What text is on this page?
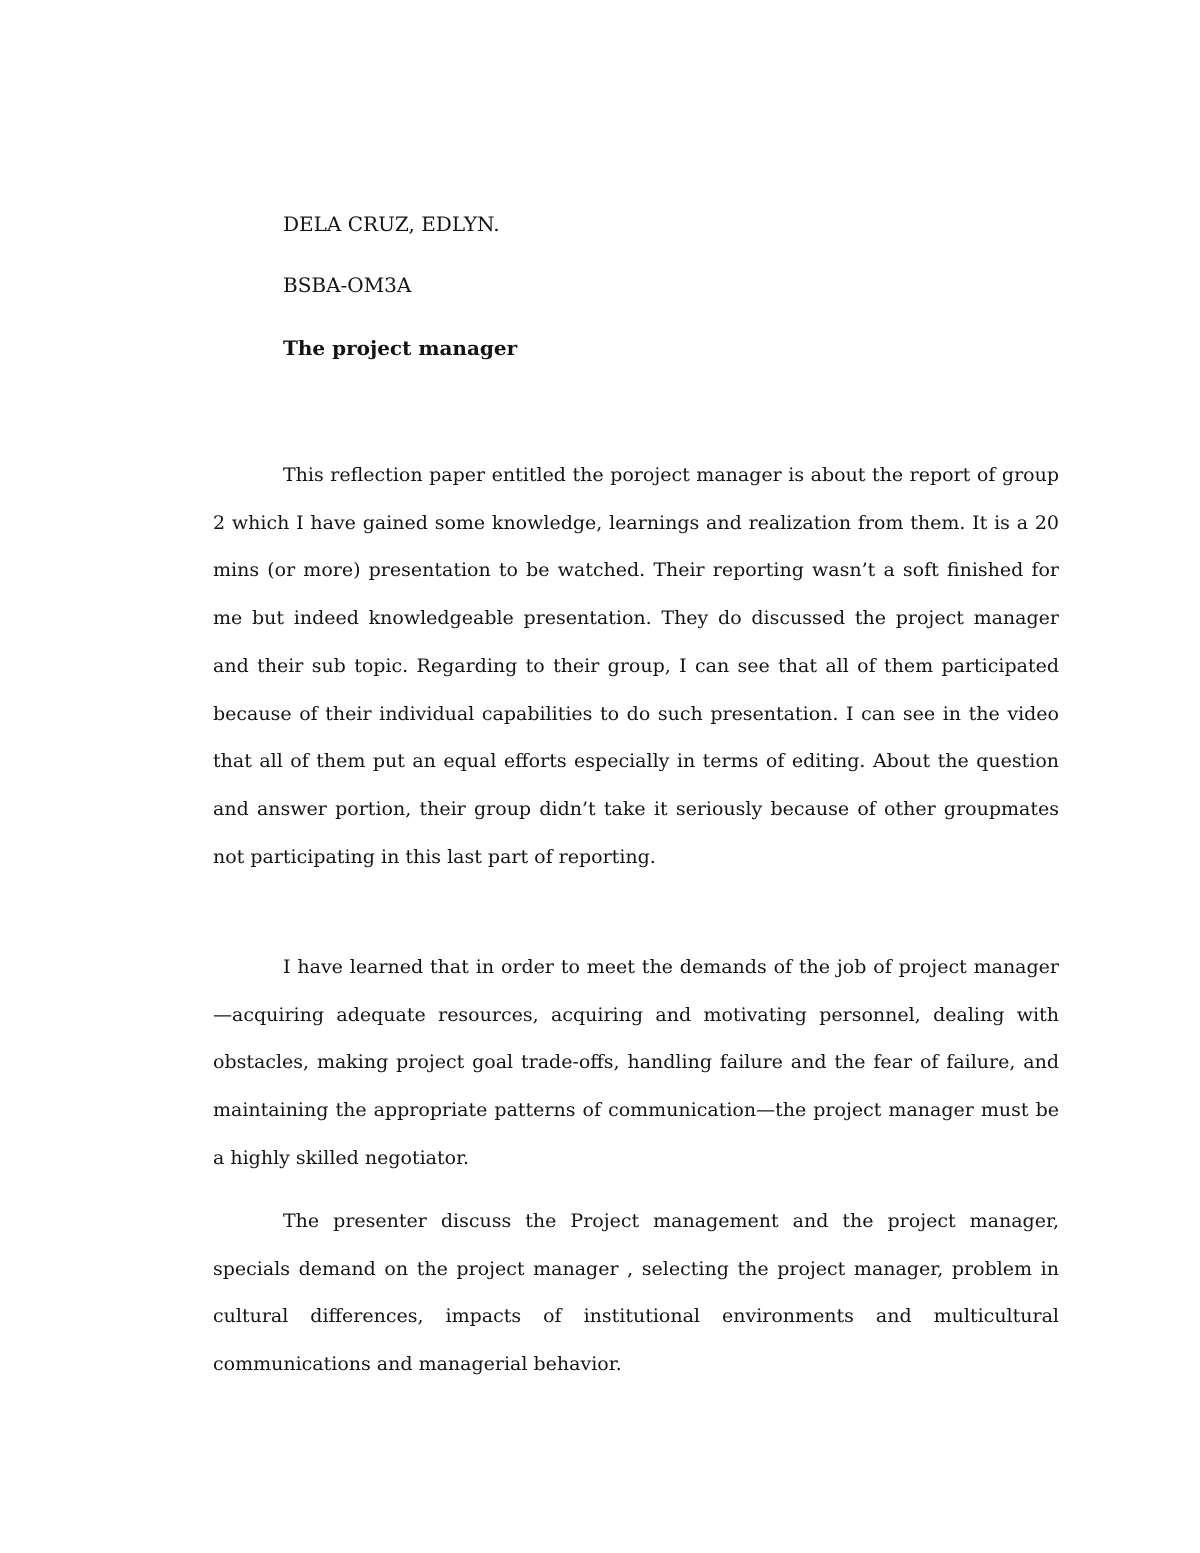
DELA CRUZ, EDLYN.

BSBA-OM3A

The project manager

This reflection paper entitled the poroject manager is about the report of group 2 which I have gained some knowledge, learnings and realization from them. It is a 20 mins (or more) presentation to be watched. Their reporting wasn’t a soft finished for me but indeed knowledgeable presentation. They do discussed the project manager and their sub topic. Regarding to their group, I can see that all of them participated because of their individual capabilities to do such presentation. I can see in the video that all of them put an equal efforts especially in terms of editing. About the question and answer portion, their group didn’t take it seriously because of other groupmates not participating in this last part of reporting.

I have learned that in order to meet the demands of the job of project manager—acquiring adequate resources, acquiring and motivating personnel, dealing with obstacles, making project goal trade-offs, handling failure and the fear of failure, and maintaining the appropriate patterns of communication—the project manager must be a highly skilled negotiator.

The presenter discuss the Project management and the project manager, specials demand on the project manager , selecting the project manager, problem in cultural differences, impacts of institutional environments and multicultural communications and managerial behavior.
